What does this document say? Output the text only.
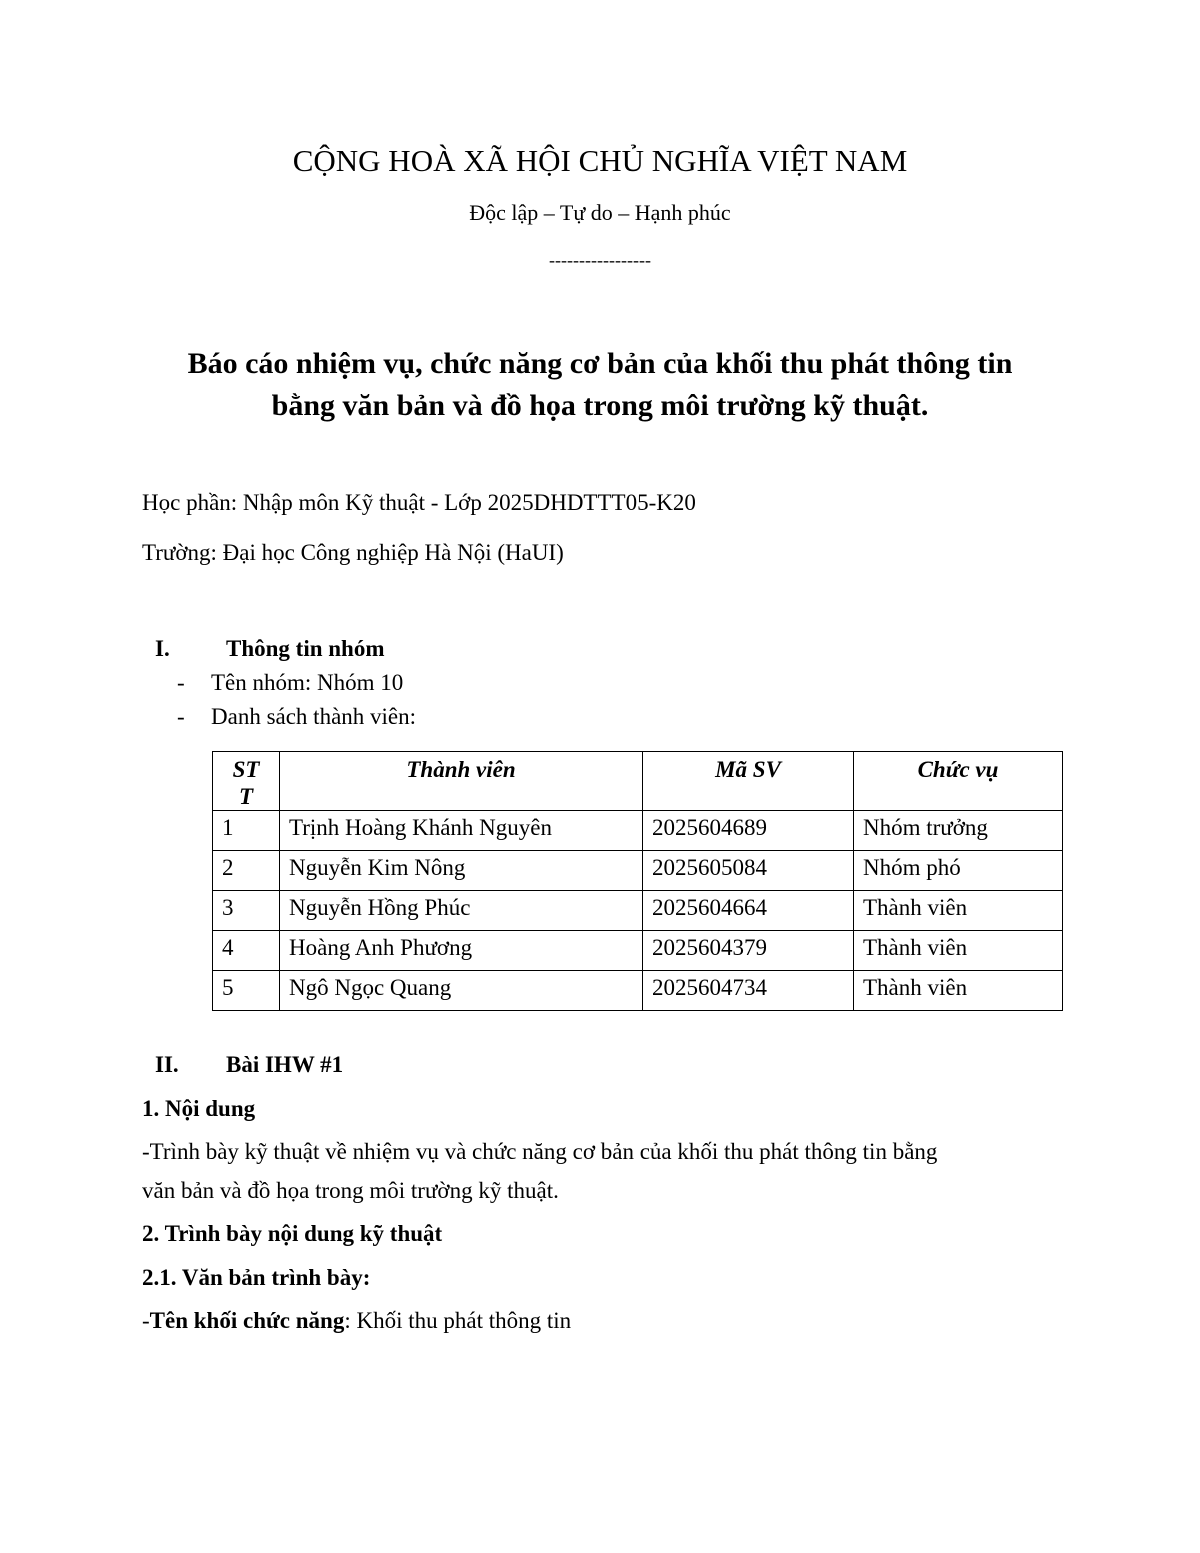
CỘNG HOÀ XÃ HỘI CHỦ NGHĨA VIỆT NAM
Độc lập – Tự do – Hạnh phúc
-----------------
Báo cáo nhiệm vụ, chức năng cơ bản của khối thu phát thông tin
bằng văn bản và đồ họa trong môi trường kỹ thuật.
Học phần: Nhập môn Kỹ thuật - Lớp 2025DHDTTT05-K20
Trường: Đại học Công nghiệp Hà Nội (HaUI)
I. Thông tin nhóm
- Tên nhóm: Nhóm 10
- Danh sách thành viên:
ST
T	Thành viên	Mã SV	Chức vụ
1	Trịnh Hoàng Khánh Nguyên	2025604689	Nhóm trưởng
2	Nguyễn Kim Nông	2025605084	Nhóm phó
3	Nguyễn Hồng Phúc	2025604664	Thành viên
4	Hoàng Anh Phương	2025604379	Thành viên
5	Ngô Ngọc Quang	2025604734	Thành viên
II. Bài IHW #1
1. Nội dung
-Trình bày kỹ thuật về nhiệm vụ và chức năng cơ bản của khối thu phát thông tin bằng
văn bản và đồ họa trong môi trường kỹ thuật.
2. Trình bày nội dung kỹ thuật
2.1. Văn bản trình bày:
-Tên khối chức năng: Khối thu phát thông tin
